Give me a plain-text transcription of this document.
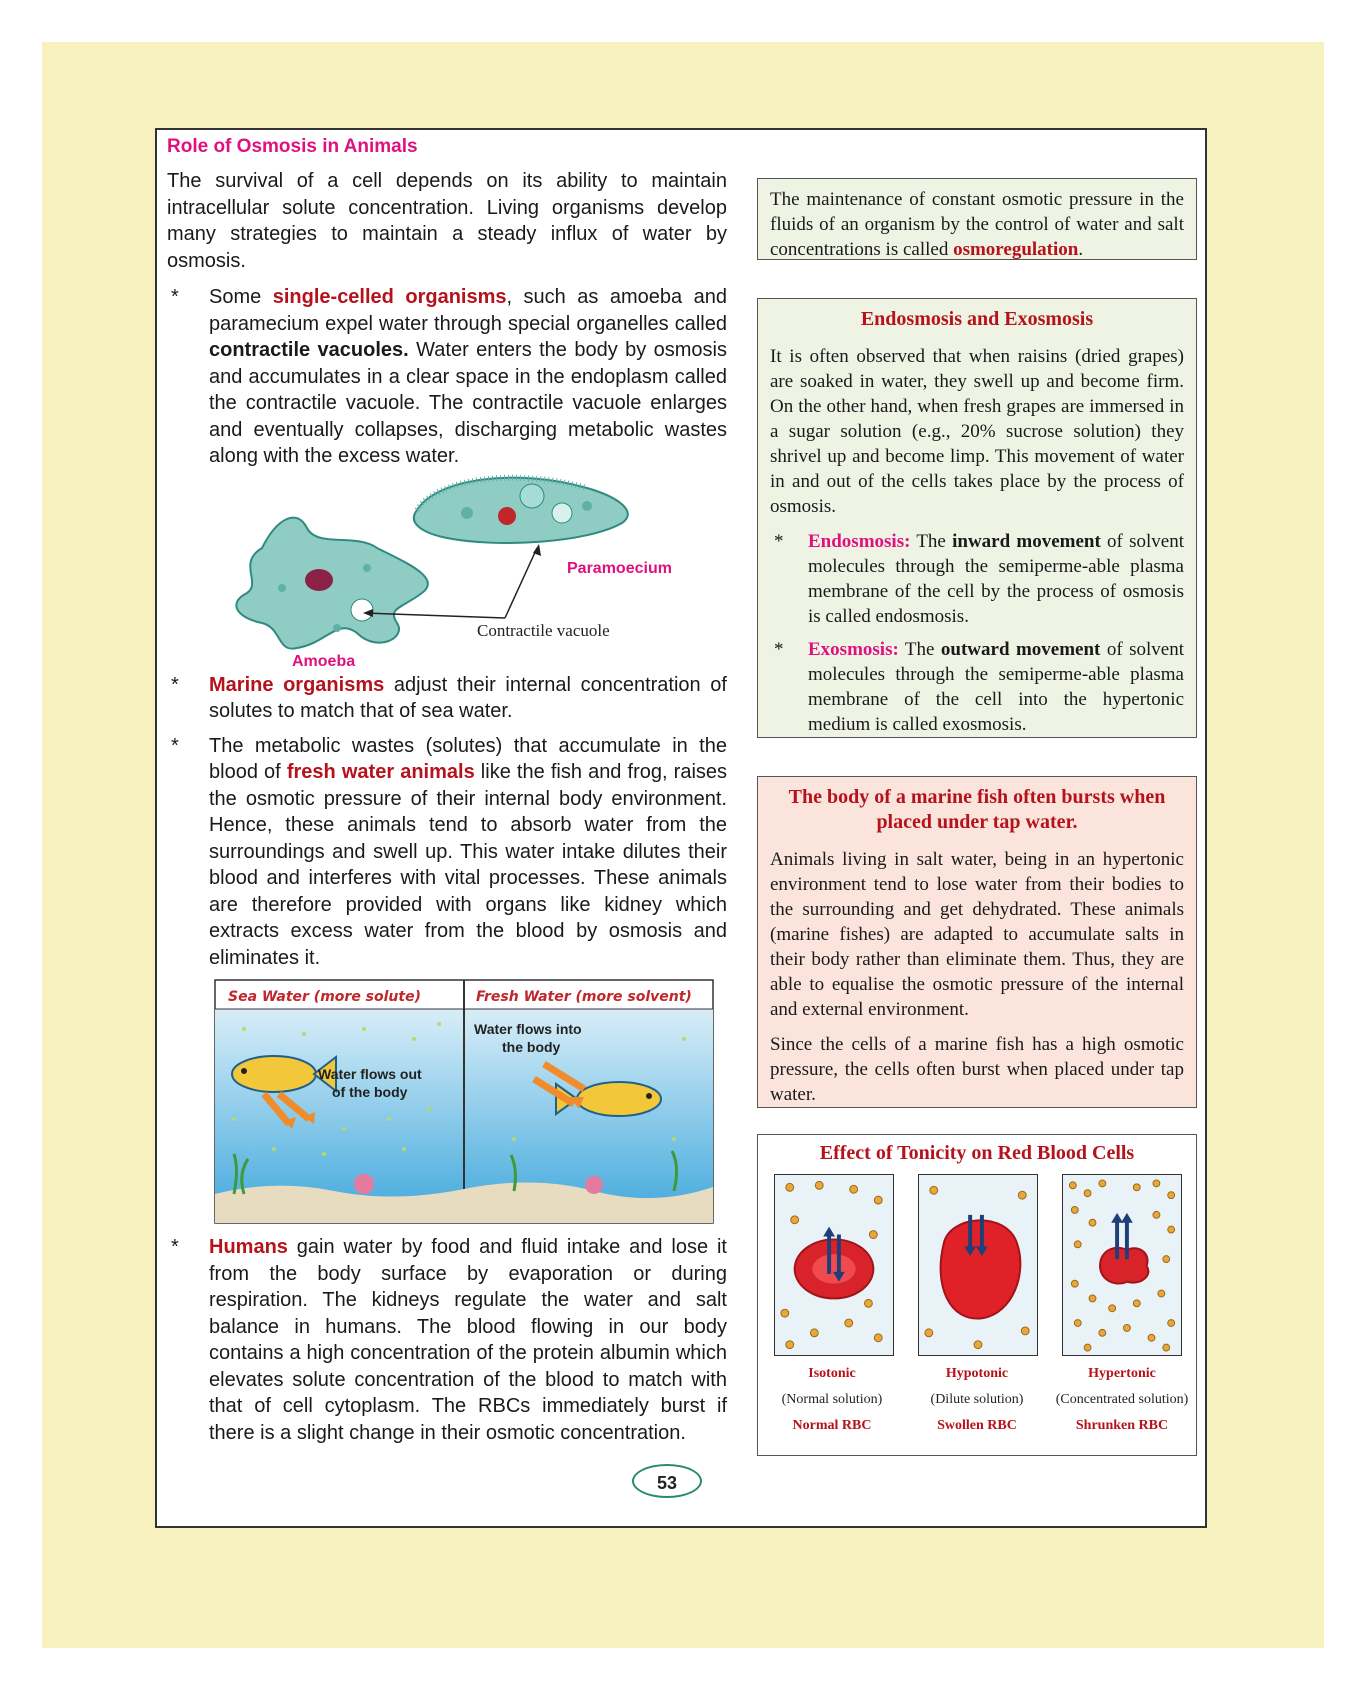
Role of Osmosis in Animals

The survival of a cell depends on its ability to maintain intracellular solute concentration. Living organisms develop many strategies to maintain a steady influx of water by osmosis.

* Some single-celled organisms, such as amoeba and paramecium expel water through special organelles called contractile vacuoles. Water enters the body by osmosis and accumulates in a clear space in the endoplasm called the contractile vacuole. The contractile vacuole enlarges and eventually collapses, discharging metabolic wastes along with the excess water.
Paramoecium
Contractile vacuole
Amoeba
* Marine organisms adjust their internal concentration of solutes to match that of sea water.
* The metabolic wastes (solutes) that accumulate in the blood of fresh water animals like the fish and frog, raises the osmotic pressure of their internal body environment. Hence, these animals tend to absorb water from the surroundings and swell up. This water intake dilutes their blood and interferes with vital processes. These animals are therefore provided with organs like kidney which extracts excess water from the blood by osmosis and eliminates it.
Sea Water (more solute)	Fresh Water (more solvent)
Water flows out
of the body
Water flows into
the body
* Humans gain water by food and fluid intake and lose it from the body surface by evaporation or during respiration. The kidneys regulate the water and salt balance in humans. The blood flowing in our body contains a high concentration of the protein albumin which elevates solute concentration of the blood to match with that of cell cytoplasm. The RBCs immediately burst if there is a slight change in their osmotic concentration.
The maintenance of constant osmotic pressure in the fluids of an organism by the control of water and salt concentrations is called osmoregulation.
Endosmosis and Exosmosis

It is often observed that when raisins (dried grapes) are soaked in water, they swell up and become firm. On the other hand, when fresh grapes are immersed in a sugar solution (e.g., 20% sucrose solution) they shrivel up and become limp. This movement of water in and out of the cells takes place by the process of osmosis.

* Endosmosis: The inward movement of solvent molecules through the semiperme-able plasma membrane of the cell by the process of osmosis is called endosmosis.
* Exosmosis: The outward movement of solvent molecules through the semiperme-able plasma membrane of the cell into the hypertonic medium is called exosmosis.
The body of a marine fish often bursts when placed under tap water.

Animals living in salt water, being in an hypertonic environment tend to lose water from their bodies to the surrounding and get dehydrated. These animals (marine fishes) are adapted to accumulate salts in their body rather than eliminate them. Thus, they are able to equalise the osmotic pressure of the internal and external environment.

Since the cells of a marine fish has a high osmotic pressure, the cells often burst when placed under tap water.

Effect of Tonicity on Red Blood Cells
Isotonic
(Normal solution)
Normal RBC
Hypotonic
(Dilute solution)
Swollen RBC
Hypertonic
(Concentrated solution)
Shrunken RBC
53
